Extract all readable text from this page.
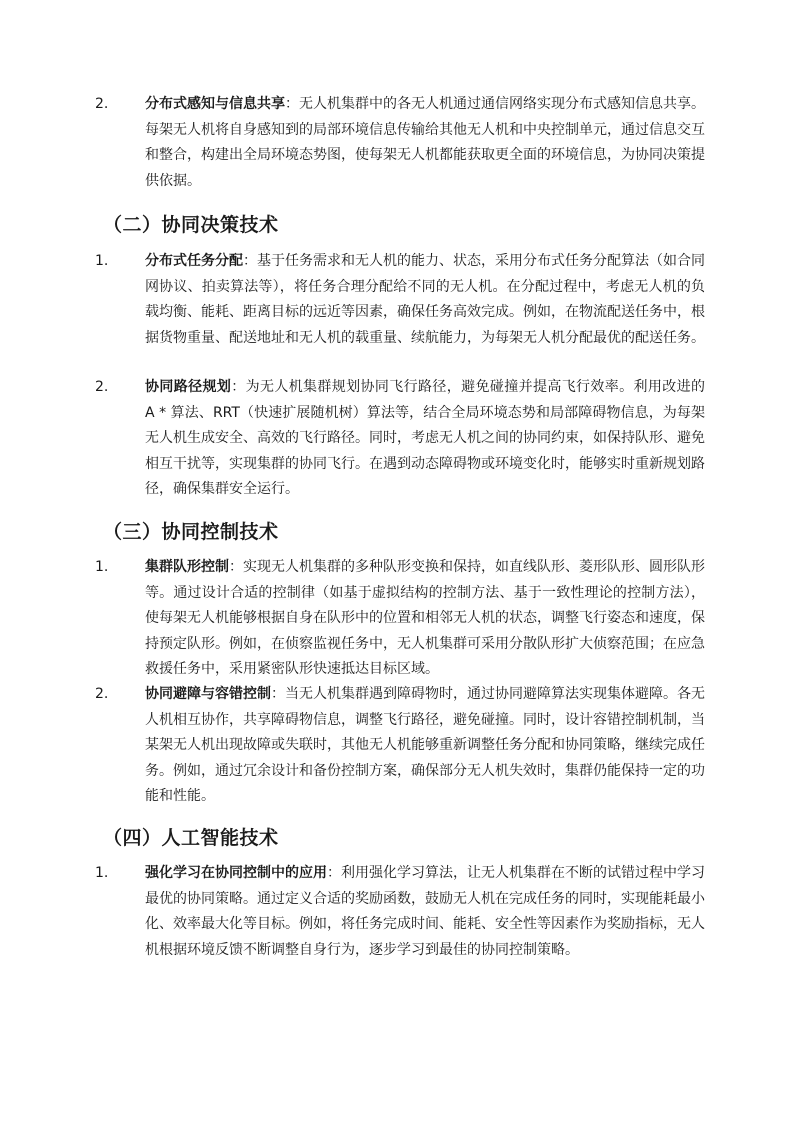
2.	分布式感知与信息共享：无人机集群中的各无人机通过通信网络实现分布式感知信息共享。每架无人机将自身感知到的局部环境信息传输给其他无人机和中央控制单元，通过信息交互和整合，构建出全局环境态势图，使每架无人机都能获取更全面的环境信息，为协同决策提供依据。
（二）协同决策技术
1.	分布式任务分配：基于任务需求和无人机的能力、状态，采用分布式任务分配算法（如合同网协议、拍卖算法等），将任务合理分配给不同的无人机。在分配过程中，考虑无人机的负载均衡、能耗、距离目标的远近等因素，确保任务高效完成。例如，在物流配送任务中，根据货物重量、配送地址和无人机的载重量、续航能力，为每架无人机分配最优的配送任务。
2.	协同路径规划：为无人机集群规划协同飞行路径，避免碰撞并提高飞行效率。利用改进的 A * 算法、RRT（快速扩展随机树）算法等，结合全局环境态势和局部障碍物信息，为每架无人机生成安全、高效的飞行路径。同时，考虑无人机之间的协同约束，如保持队形、避免相互干扰等，实现集群的协同飞行。在遇到动态障碍物或环境变化时，能够实时重新规划路径，确保集群安全运行。
（三）协同控制技术
1.	集群队形控制：实现无人机集群的多种队形变换和保持，如直线队形、菱形队形、圆形队形等。通过设计合适的控制律（如基于虚拟结构的控制方法、基于一致性理论的控制方法），使每架无人机能够根据自身在队形中的位置和相邻无人机的状态，调整飞行姿态和速度，保持预定队形。例如，在侦察监视任务中，无人机集群可采用分散队形扩大侦察范围；在应急救援任务中，采用紧密队形快速抵达目标区域。
2.	协同避障与容错控制：当无人机集群遇到障碍物时，通过协同避障算法实现集体避障。各无人机相互协作，共享障碍物信息，调整飞行路径，避免碰撞。同时，设计容错控制机制，当某架无人机出现故障或失联时，其他无人机能够重新调整任务分配和协同策略，继续完成任务。例如，通过冗余设计和备份控制方案，确保部分无人机失效时，集群仍能保持一定的功能和性能。
（四）人工智能技术
1.	强化学习在协同控制中的应用：利用强化学习算法，让无人机集群在不断的试错过程中学习最优的协同策略。通过定义合适的奖励函数，鼓励无人机在完成任务的同时，实现能耗最小化、效率最大化等目标。例如，将任务完成时间、能耗、安全性等因素作为奖励指标，无人机根据环境反馈不断调整自身行为，逐步学习到最佳的协同控制策略。
